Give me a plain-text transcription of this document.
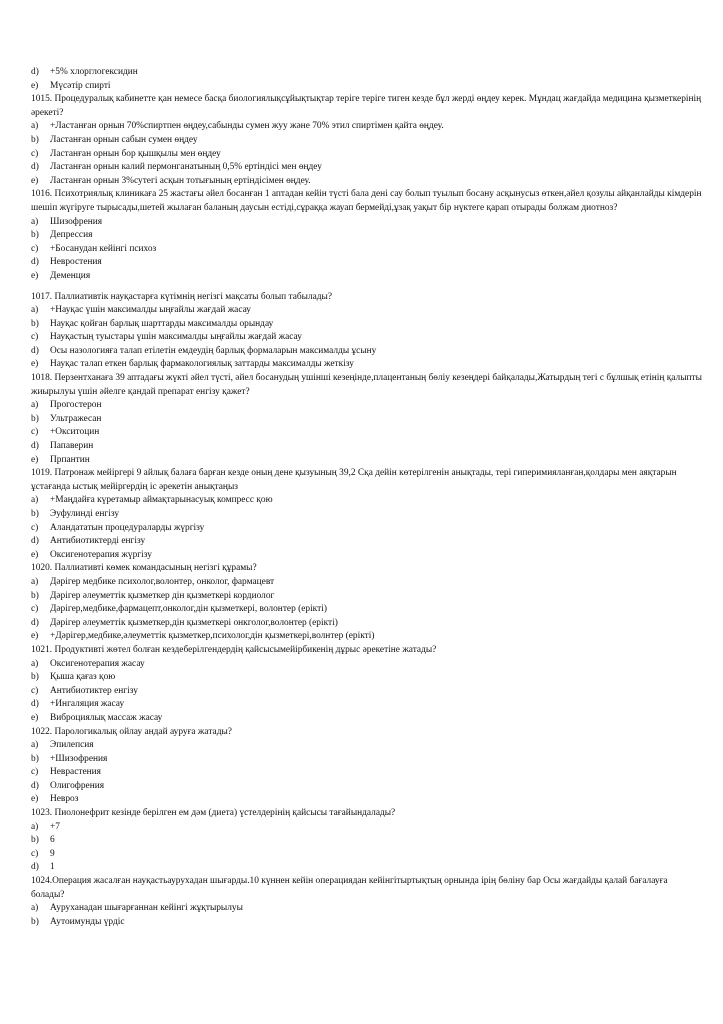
d)	+5% хлорглогексидин
e)	Мүсәтір спирті
1015. Процедуралық кабинетте қан немесе басқа биологиялықсұйықтықтар теріге теріге тиген кезде бұл жерді өңдеу керек. Мұндац жағдайда медицина қызметкерінің әрекеті?
a)	+Ластанған орнын 70%спиртпен өңдеу,сабынды сумен жуу және 70% этил спиртімен қайта өңдеу.
b)	Ластанған орнын сабын сумен өңдеу
c)	Ластанған орнын бор қышқылы мен өңдеу
d)	Ластанған орнын калий пермонганатының 0,5% ертіндісі мен өңдеу
e)	Ластанған орнын 3%сутегі асқын тотығының ертіндісімен өңдеу.
1016. Психотриялық клиникаға 25 жастағы әйел босанған 1 аптадан кейін түсті бала дені сау болып туылып босану асқынусыз өткен,әйел қозулы айқанлайды кімдерін шешіп жүгіруге тырысады,шетей жылаған баланың даусын естіді,сұраққа жауап бермейді,ұзақ уақыт бір нүктеге қарап отырады болжам диотноз?
a)	Шизофрения
b)	Депрессия
c)	+Босанудан кейінгі психоз
d)	Невростения
e)	Деменция
1017. Паллиативтік науқастарға күтімнің негізгі мақсаты болып табылады?
a)	+Науқас үшін максималды ыңғайлы жағдай жасау
b)	Науқас қойған барлық шарттарды максималды орындау
c)	Науқастың туыстары үшін максималды ыңғайлы жағдай жасау
d)	Осы назологияға талап етілетін емдеудің барлық формаларын максималды ұсыну
e)	Науқас талап еткен барлық фармакологиялық заттарды максималды жеткізу
1018. Перзентханаға 39 аптадағы жүкті әйел түсті, әйел босанудың ушінші кезеңінде,плацентаның бөліу кезеңдері байқалады,Жатырдың тегі с бұлшық етінің қалыпты жиырылуы үшін әйелге қандай препарат енгізу қажет?
a)	Прогостерон
b)	Ультражесан
c)	+Окситоцин
d)	Папаверин
e)	Прпантин
1019. Патронаж мейіргері 9 айлық балаға барған кезде оның дене қызуының 39,2 Сқа дейін көтерілгенін анықтады, тері гиперимияланған,қолдары мен аяқтарын ұстағанда ыстық мейіргердің іс әрекетін анықтаңыз
a)	+Маңдайға күретамыр аймақтарынасуық компресс қою
b)	Эуфулинді енгізу
c)	Аландататын процедураларды жүргізу
d)	Антибиотиктерді енгізу
e)	Оксигенотерапия жүргізу
1020. Паллиативті көмек командасының негізгі құрамы?
a)	Дәрігер медбике психолог,волонтер, онколог, фармацевт
b)	Дәрігер әлеуметтік қызметкер дін қызметкері кордиолог
c)	Дәрігер,медбике,фармацепт,онколог,дін қызметкері, волонтер (ерікті)
d)	Дәрігер әлеуметтік қызметкер,дін қызметкері онкголог,волонтер (ерікті)
e)	+Дәрігер,медбике,әлеуметтік қызметкер,психолог,дін қызметкері,волнтер (ерікті)
1021. Продуктивті жөтел болған кездеберілгендердің қайсысымейірбикенің дұрыс әрекетіне жатады?
a)	Оксигенотерапия жасау
b)	Қыша қағаз қою
c)	Антибиотиктер енгізу
d)	+Ингаляция жасау
e)	Виброциялық массаж жасау
1022. Парологикалық ойлау андай ауруға жатады?
a)	Эпилепсия
b)	+Шизофрения
c)	Неврастения
d)	Олигофрения
e)	Невроз
1023. Пиолонефрит кезінде берілген ем дәм (диета) үстелдерінің қайсысы тағайындалады?
a)	+7
b)	6
c)	9
d)	1
1024.Операция жасалған науқастьаурухадан шығарды.10 күннен кейін операциядан кейінгітыртықтың орнында ірің бөліну бар Осы жағдайды қалай бағалауға болады?
a)	Ауруханадан шығарғаннан кейінгі жұқтырылуы
b)	Аутоимунды үрдіс
